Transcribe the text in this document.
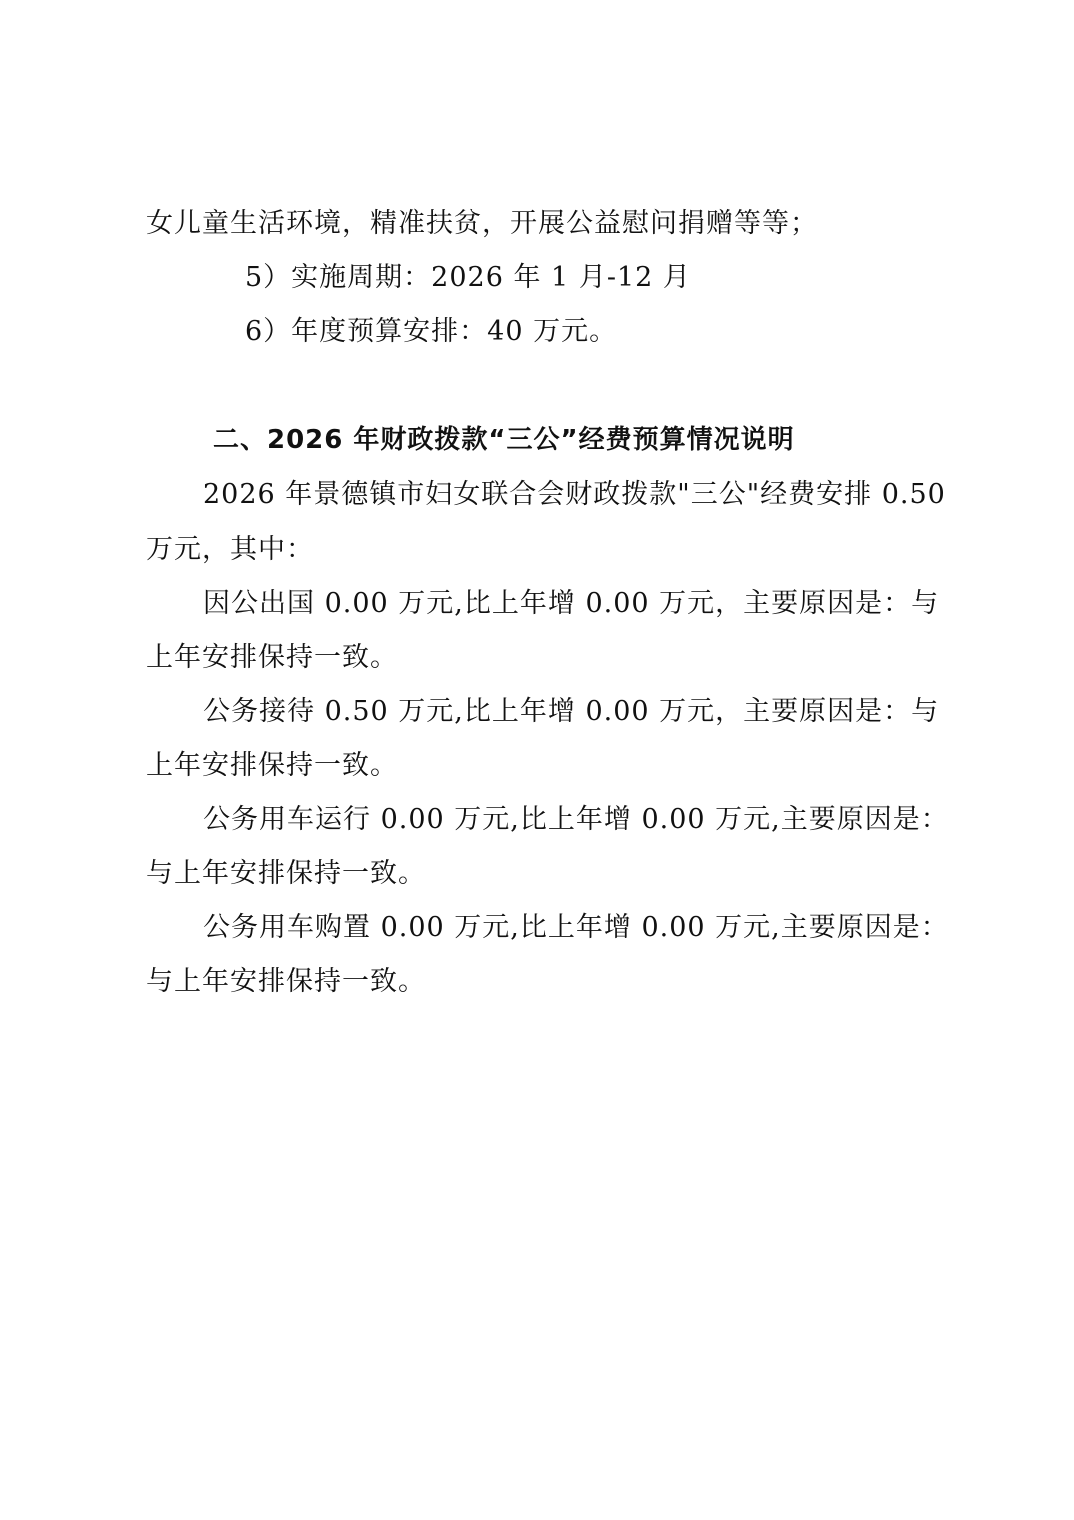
女儿童生活环境，精准扶贫，开展公益慰问捐赠等等；
5）实施周期：2026 年 1 月-12 月
6）年度预算安排：40 万元。
二、2026 年财政拨款“三公”经费预算情况说明
2026 年景德镇市妇女联合会财政拨款"三公"经费安排 0.50
万元，其中：
因公出国 0.00 万元,比上年增 0.00 万元，主要原因是：与
上年安排保持一致。
公务接待 0.50 万元,比上年增 0.00 万元，主要原因是：与
上年安排保持一致。
公务用车运行 0.00 万元,比上年增 0.00 万元,主要原因是：
与上年安排保持一致。
公务用车购置 0.00 万元,比上年增 0.00 万元,主要原因是：
与上年安排保持一致。
